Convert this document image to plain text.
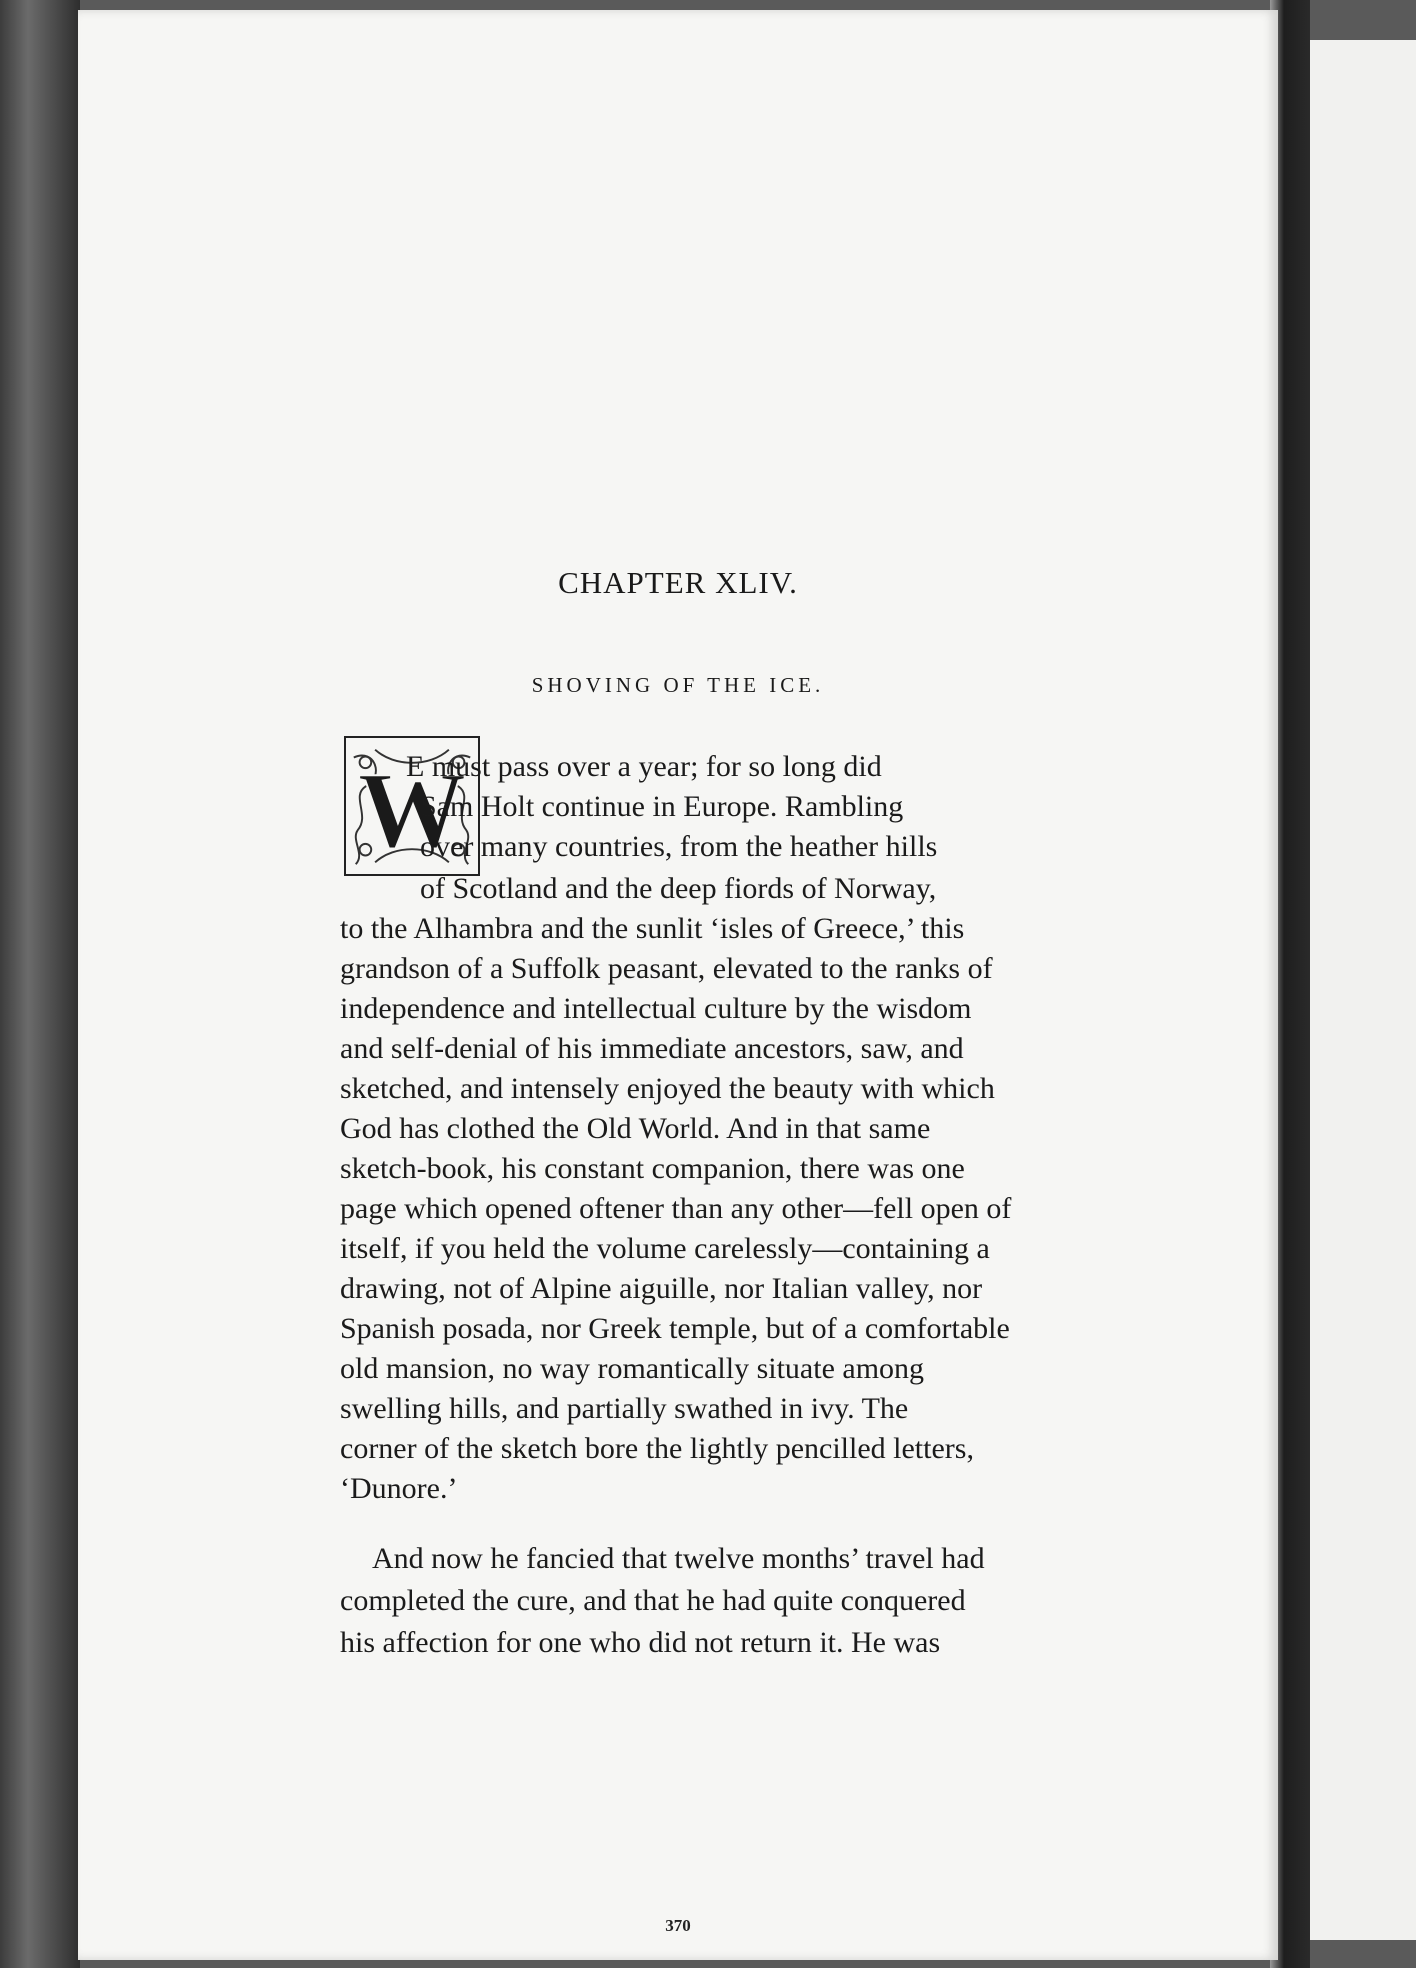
CHAPTER XLIV.
SHOVING OF THE ICE.
W
E must pass over a year; for so long did
Sam Holt continue in Europe. Rambling
over many countries, from the heather hills
of Scotland and the deep fiords of Norway,
to the Alhambra and the sunlit ‘isles of Greece,’ this
grandson of a Suffolk peasant, elevated to the ranks of
independence and intellectual culture by the wisdom
and self-denial of his immediate ancestors, saw, and
sketched, and intensely enjoyed the beauty with which
God has clothed the Old World. And in that same
sketch-book, his constant companion, there was one
page which opened oftener than any other—fell open of
itself, if you held the volume carelessly—containing a
drawing, not of Alpine aiguille, nor Italian valley, nor
Spanish posada, nor Greek temple, but of a comfortable
old mansion, no way romantically situate among
swelling hills, and partially swathed in ivy. The
corner of the sketch bore the lightly pencilled letters,
‘Dunore.’
And now he fancied that twelve months’ travel had
completed the cure, and that he had quite conquered
his affection for one who did not return it. He was
370
